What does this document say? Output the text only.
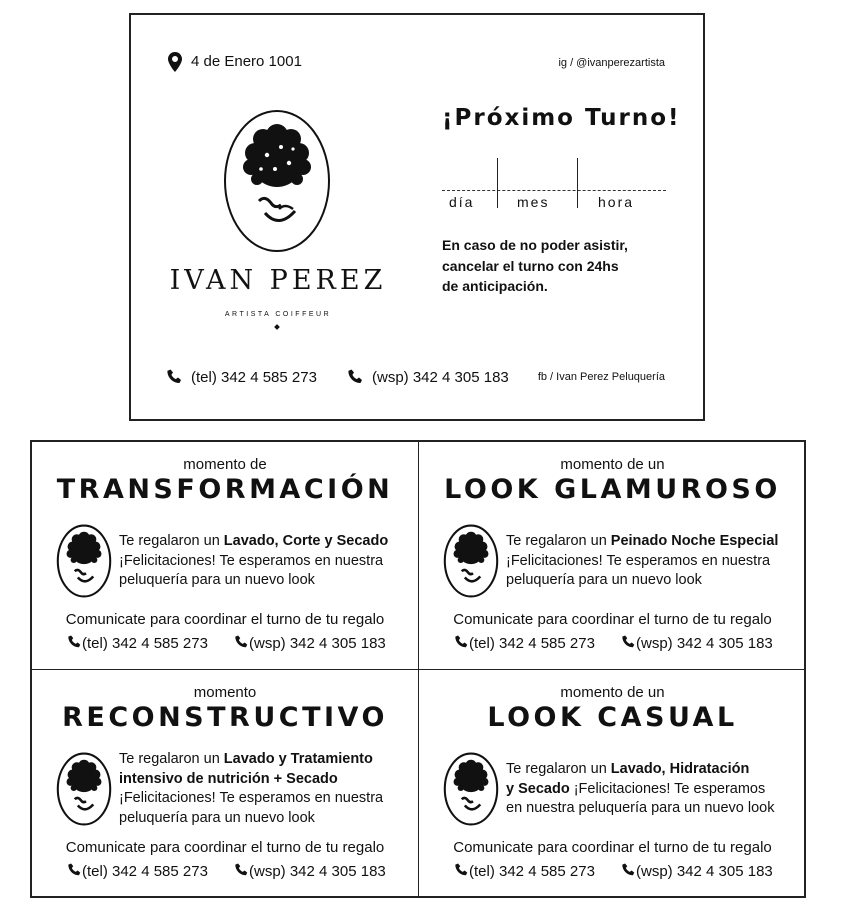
4 de Enero 1001	ig / @ivanperezartista
IVAN PEREZ
ARTISTA COIFFEUR
¡Próximo Turno!
día	mes	hora
En caso de no poder asistir,
cancelar el turno con 24hs
de anticipación.
(tel) 342 4 585 273	(wsp) 342 4 305 183	fb / Ivan Perez Peluquería
momento de
TRANSFORMACIÓN
Te regalaron un Lavado, Corte y Secado
¡Felicitaciones! Te esperamos en nuestra
peluquería para un nuevo look
Comunicate para coordinar el turno de tu regalo
(tel) 342 4 585 273	(wsp) 342 4 305 183
momento de un
LOOK GLAMUROSO
Te regalaron un Peinado Noche Especial
¡Felicitaciones! Te esperamos en nuestra
peluquería para un nuevo look
Comunicate para coordinar el turno de tu regalo
(tel) 342 4 585 273	(wsp) 342 4 305 183
momento
RECONSTRUCTIVO
Te regalaron un Lavado y Tratamiento
intensivo de nutrición + Secado
¡Felicitaciones! Te esperamos en nuestra
peluquería para un nuevo look
Comunicate para coordinar el turno de tu regalo
(tel) 342 4 585 273	(wsp) 342 4 305 183
momento de un
LOOK CASUAL
Te regalaron un Lavado, Hidratación
y Secado ¡Felicitaciones! Te esperamos
en nuestra peluquería para un nuevo look
Comunicate para coordinar el turno de tu regalo
(tel) 342 4 585 273	(wsp) 342 4 305 183
